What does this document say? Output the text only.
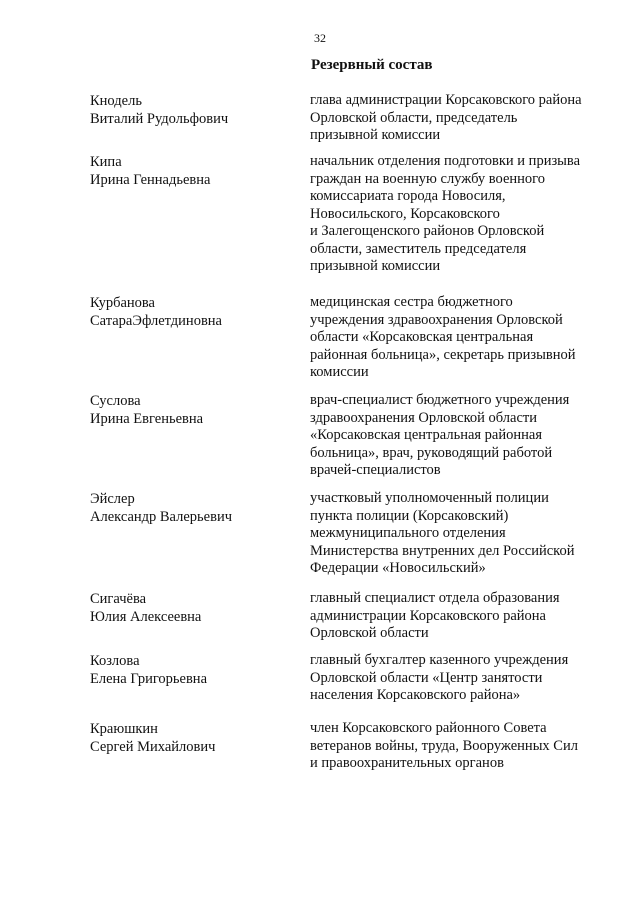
32
Резервный состав
Кнодель
Виталий Рудольфович
глава администрации Корсаковского района
Орловской области, председатель
призывной комиссии
Кипа
Ирина Геннадьевна
начальник отделения подготовки и призыва
граждан на военную службу военного
комиссариата города Новосиля,
Новосильского, Корсаковского
и Залегощенского районов Орловской
области, заместитель председателя
призывной комиссии
Курбанова
СатараЭфлетдиновна
медицинская сестра бюджетного
учреждения здравоохранения Орловской
области «Корсаковская центральная
районная больница», секретарь призывной
комиссии
Суслова
Ирина Евгеньевна
врач-специалист бюджетного учреждения
здравоохранения Орловской области
«Корсаковская центральная районная
больница», врач, руководящий работой
врачей-специалистов
Эйслер
Александр Валерьевич
участковый уполномоченный полиции
пункта полиции (Корсаковский)
межмуниципального отделения
Министерства внутренних дел Российской
Федерации «Новосильский»
Сигачёва
Юлия Алексеевна
главный специалист отдела образования
администрации Корсаковского района
Орловской области
Козлова
Елена Григорьевна
главный бухгалтер казенного учреждения
Орловской области «Центр занятости
населения Корсаковского района»
Краюшкин
Сергей Михайлович
член Корсаковского районного Совета
ветеранов войны, труда, Вооруженных Сил
и правоохранительных органов
